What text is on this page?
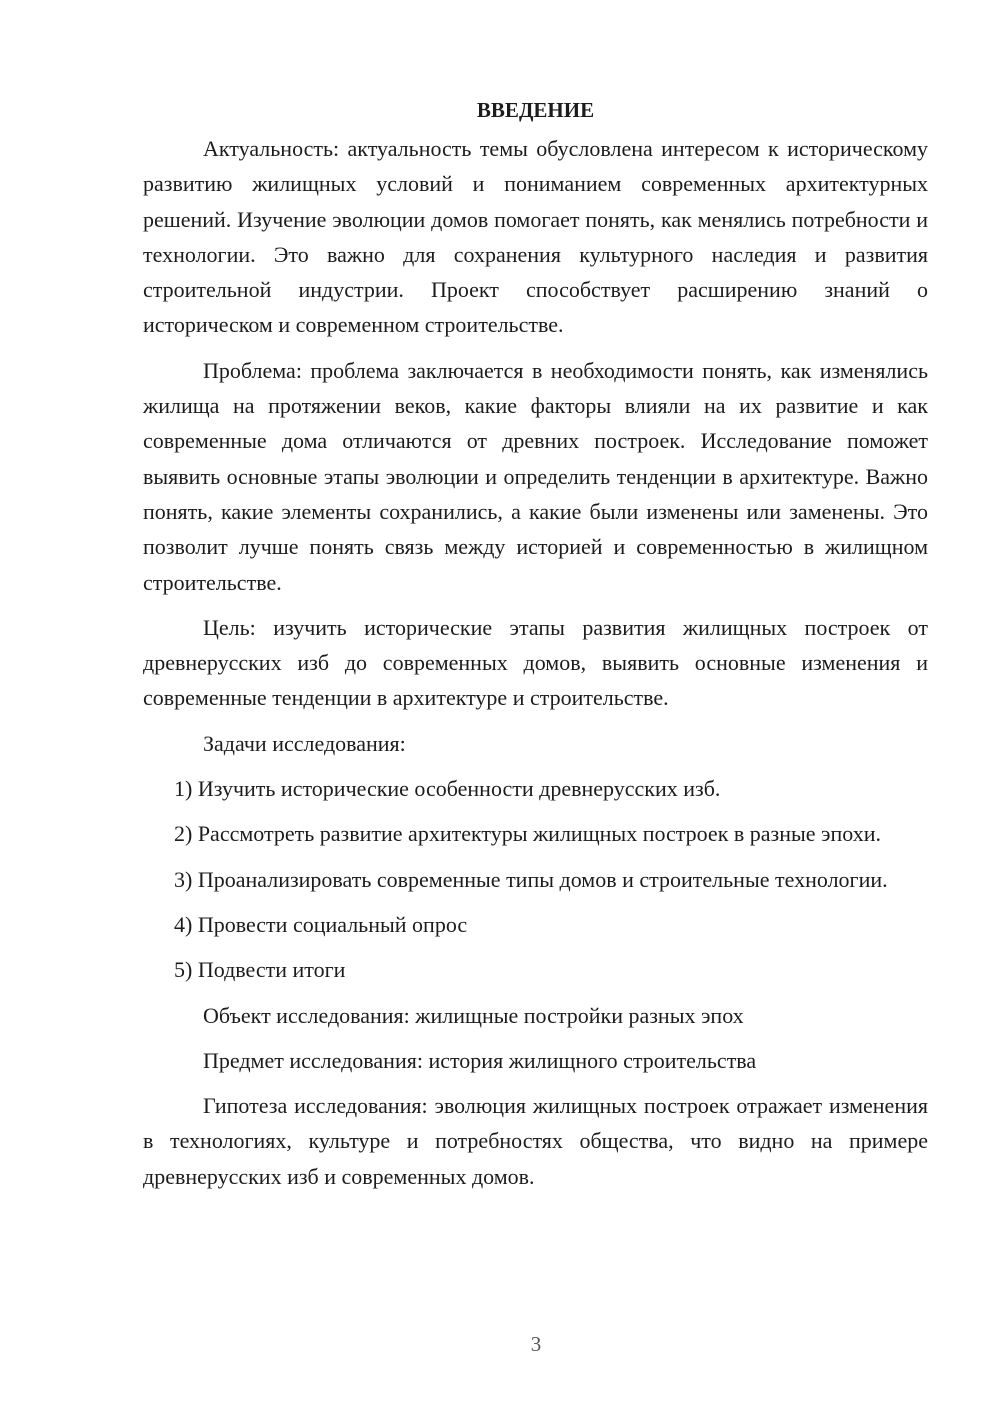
ВВЕДЕНИЕ

Актуальность: актуальность темы обусловлена интересом к историческому развитию жилищных условий и пониманием современных архитектурных решений. Изучение эволюции домов помогает понять, как менялись потребности и технологии. Это важно для сохранения культурного наследия и развития строительной индустрии. Проект способствует расширению знаний о историческом и современном строительстве.

Проблема: проблема заключается в необходимости понять, как изменялись жилища на протяжении веков, какие факторы влияли на их развитие и как современные дома отличаются от древних построек. Исследование поможет выявить основные этапы эволюции и определить тенденции в архитектуре. Важно понять, какие элементы сохранились, а какие были изменены или заменены. Это позволит лучше понять связь между историей и современностью в жилищном строительстве.

Цель: изучить исторические этапы развития жилищных построек от древнерусских изб до современных домов, выявить основные изменения и современные тенденции в архитектуре и строительстве.

Задачи исследования:

1) Изучить исторические особенности древнерусских изб.

2) Рассмотреть развитие архитектуры жилищных построек в разные эпохи.

3) Проанализировать современные типы домов и строительные технологии.

4) Провести социальный опрос

5) Подвести итоги

Объект исследования: жилищные постройки разных эпох

Предмет исследования: история жилищного строительства

Гипотеза исследования: эволюция жилищных построек отражает изменения в технологиях, культуре и потребностях общества, что видно на примере древнерусских изб и современных домов.

3
